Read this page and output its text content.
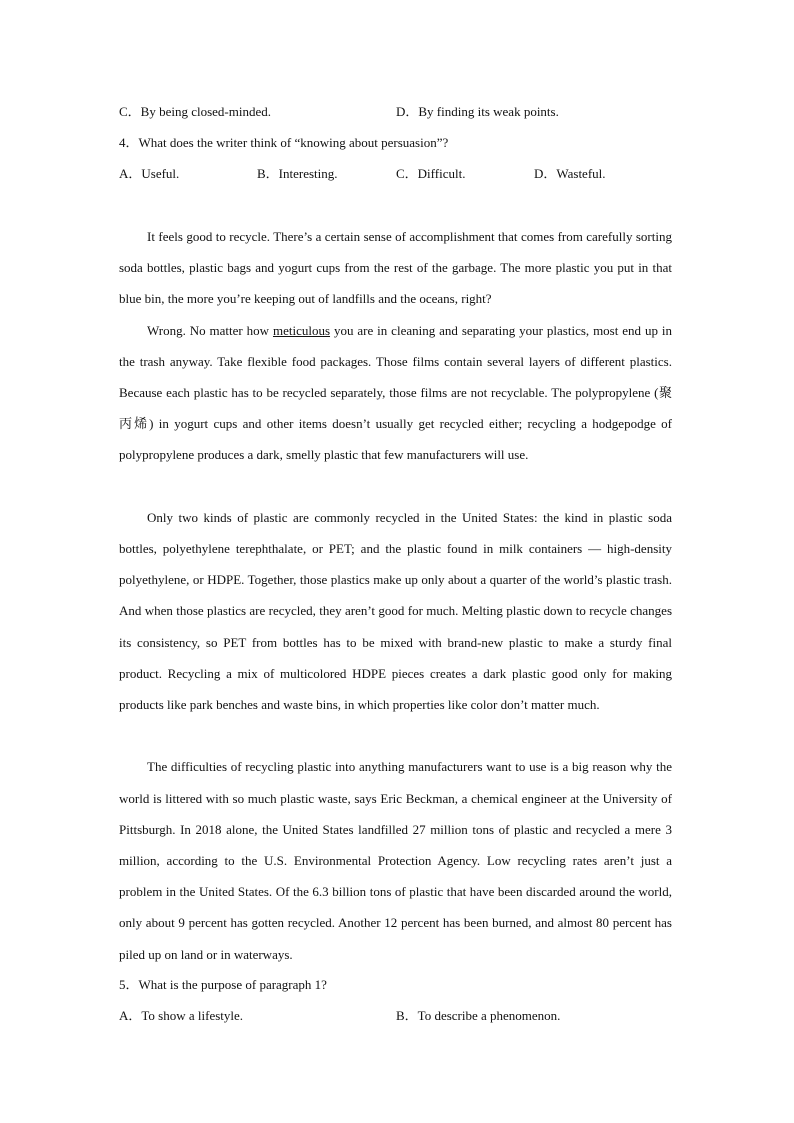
C．By being closed-minded.	D．By finding its weak points.
4．What does the writer think of “knowing about persuasion”?
A．Useful.	B．Interesting.	C．Difficult.	D．Wasteful.

It feels good to recycle. There’s a certain sense of accomplishment that comes from carefully sorting soda bottles, plastic bags and yogurt cups from the rest of the garbage. The more plastic you put in that blue bin, the more you’re keeping out of landfills and the oceans, right?

Wrong. No matter how meticulous you are in cleaning and separating your plastics, most end up in the trash anyway. Take flexible food packages. Those films contain several layers of different plastics. Because each plastic has to be recycled separately, those films are not recyclable. The polypropylene (聚丙烯) in yogurt cups and other items doesn’t usually get recycled either; recycling a hodgepodge of polypropylene produces a dark, smelly plastic that few manufacturers will use.

Only two kinds of plastic are commonly recycled in the United States: the kind in plastic soda bottles, polyethylene terephthalate, or PET; and the plastic found in milk containers — high-density polyethylene, or HDPE. Together, those plastics make up only about a quarter of the world’s plastic trash. And when those plastics are recycled, they aren’t good for much. Melting plastic down to recycle changes its consistency, so PET from bottles has to be mixed with brand-new plastic to make a sturdy final product. Recycling a mix of multicolored HDPE pieces creates a dark plastic good only for making products like park benches and waste bins, in which properties like color don’t matter much.

The difficulties of recycling plastic into anything manufacturers want to use is a big reason why the world is littered with so much plastic waste, says Eric Beckman, a chemical engineer at the University of Pittsburgh. In 2018 alone, the United States landfilled 27 million tons of plastic and recycled a mere 3 million, according to the U.S. Environmental Protection Agency. Low recycling rates aren’t just a problem in the United States. Of the 6.3 billion tons of plastic that have been discarded around the world, only about 9 percent has gotten recycled. Another 12 percent has been burned, and almost 80 percent has piled up on land or in waterways.

5．What is the purpose of paragraph 1?
A．To show a lifestyle.	B．To describe a phenomenon.
